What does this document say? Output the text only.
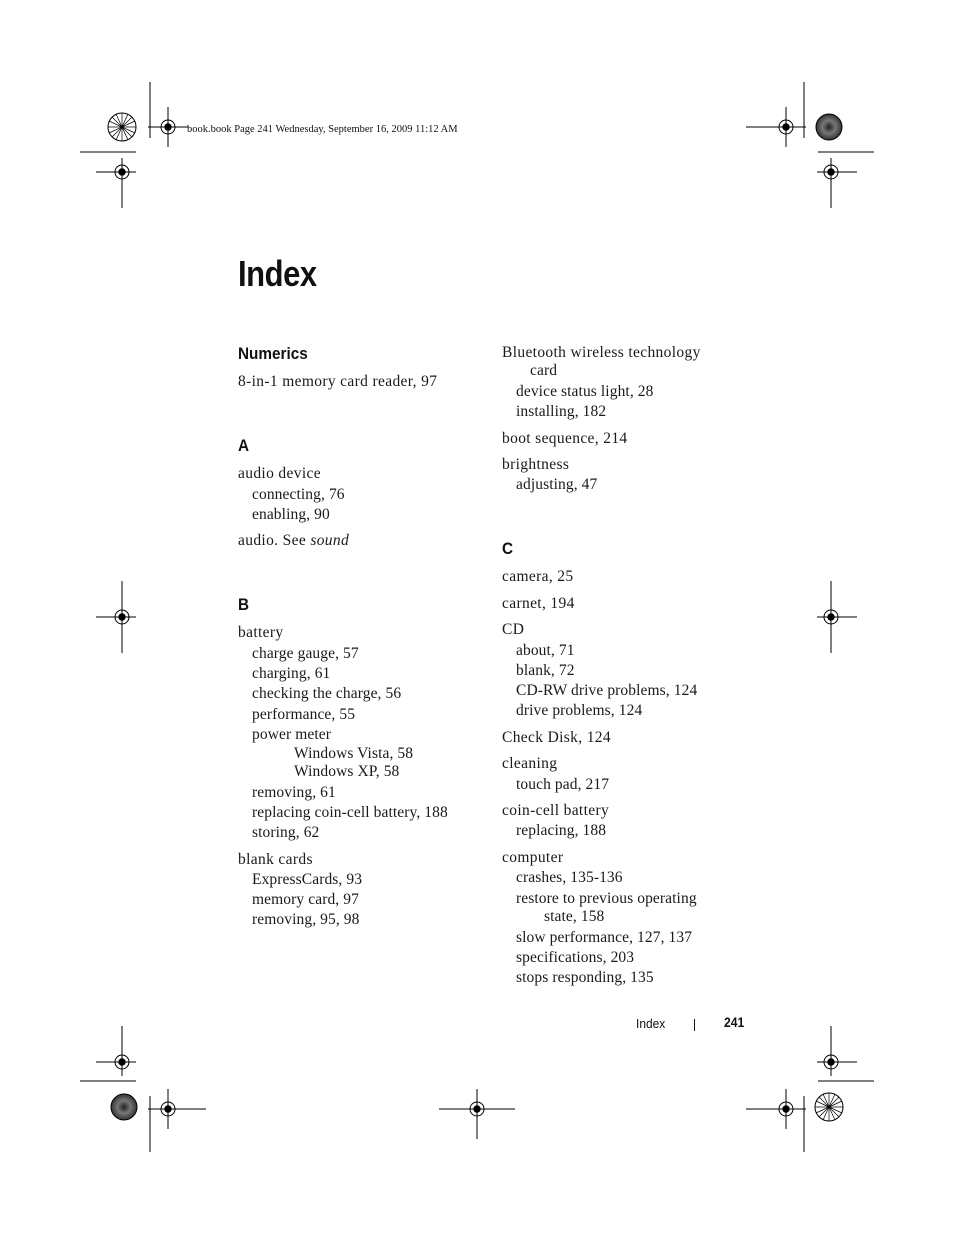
book.book Page 241 Wednesday, September 16, 2009 11:12 AM
Index
Numerics
8-in-1 memory card reader, 97
A
audio device
connecting, 76
enabling, 90
audio. See sound
B
battery
charge gauge, 57
charging, 61
checking the charge, 56
performance, 55
power meter
Windows Vista, 58
Windows XP, 58
removing, 61
replacing coin-cell battery, 188
storing, 62
blank cards
ExpressCards, 93
memory card, 97
removing, 95, 98
Bluetooth wireless technology
card
device status light, 28
installing, 182
boot sequence, 214
brightness
adjusting, 47
C
camera, 25
carnet, 194
CD
about, 71
blank, 72
CD-RW drive problems, 124
drive problems, 124
Check Disk, 124
cleaning
touch pad, 217
coin-cell battery
replacing, 188
computer
crashes, 135-136
restore to previous operating
state, 158
slow performance, 127, 137
specifications, 203
stops responding, 135
Index	241
